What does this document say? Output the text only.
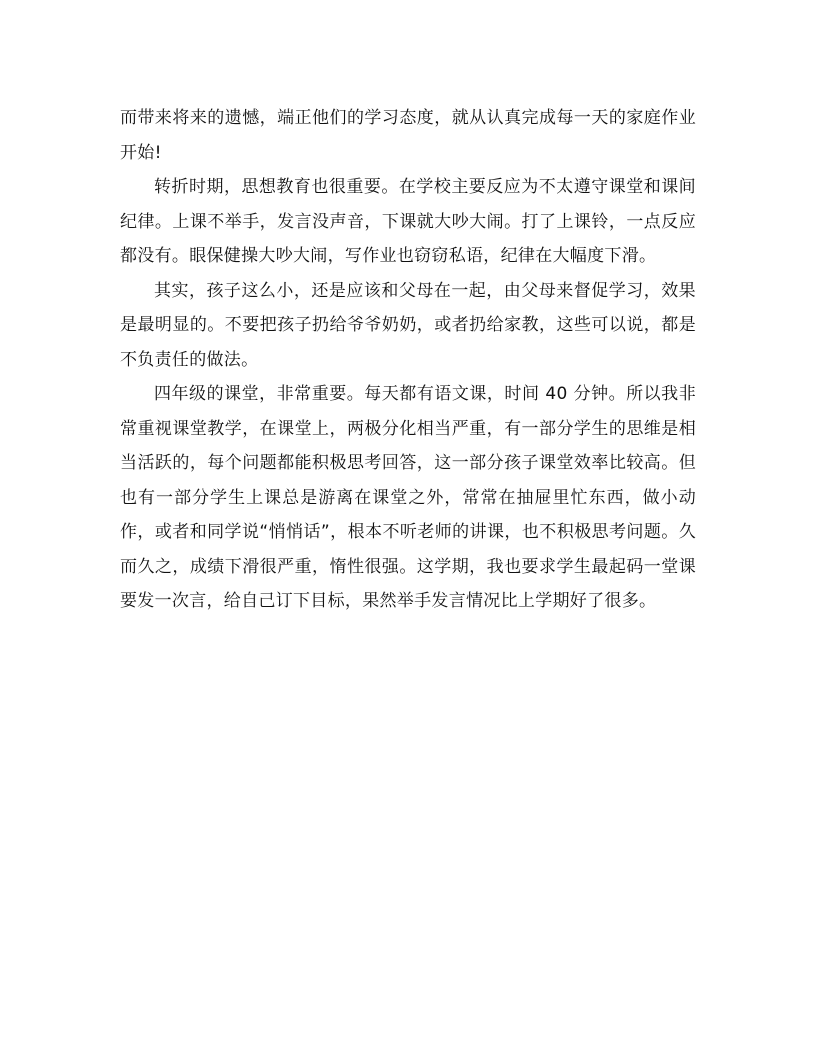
而带来将来的遗憾，端正他们的学习态度，就从认真完成每一天的家庭作业开始!

转折时期，思想教育也很重要。在学校主要反应为不太遵守课堂和课间纪律。上课不举手，发言没声音，下课就大吵大闹。打了上课铃，一点反应都没有。眼保健操大吵大闹，写作业也窃窃私语，纪律在大幅度下滑。

其实，孩子这么小，还是应该和父母在一起，由父母来督促学习，效果是最明显的。不要把孩子扔给爷爷奶奶，或者扔给家教，这些可以说，都是不负责任的做法。

四年级的课堂，非常重要。每天都有语文课，时间 40 分钟。所以我非常重视课堂教学，在课堂上，两极分化相当严重，有一部分学生的思维是相当活跃的，每个问题都能积极思考回答，这一部分孩子课堂效率比较高。但也有一部分学生上课总是游离在课堂之外，常常在抽屉里忙东西，做小动作，或者和同学说“悄悄话”，根本不听老师的讲课，也不积极思考问题。久而久之，成绩下滑很严重，惰性很强。这学期，我也要求学生最起码一堂课要发一次言，给自己订下目标，果然举手发言情况比上学期好了很多。
